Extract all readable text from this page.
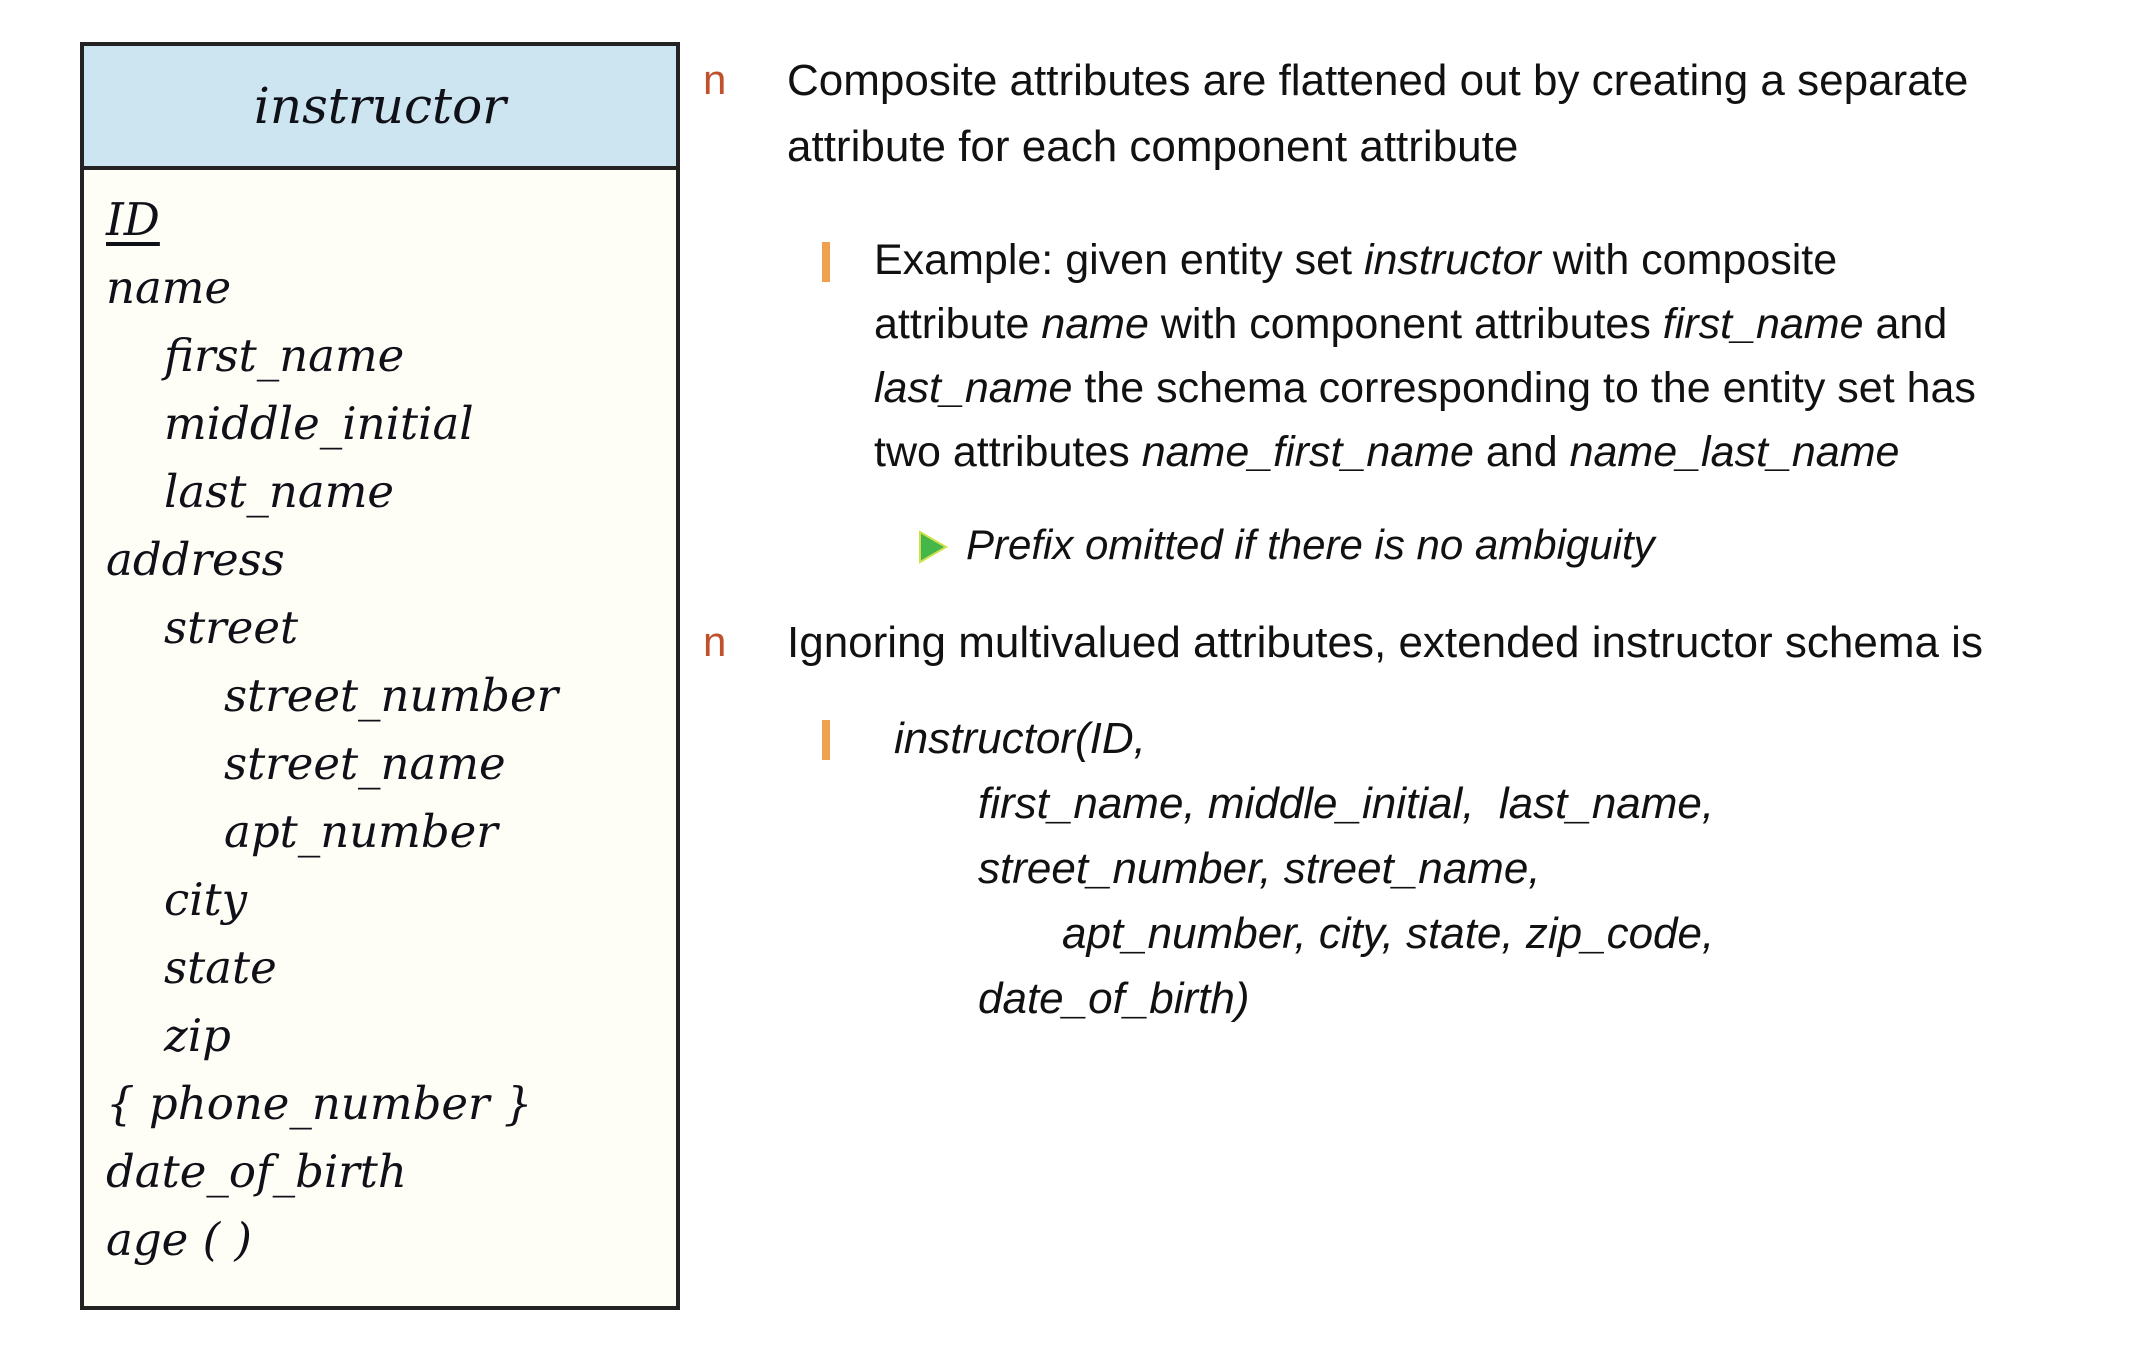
instructor
ID
name
first_name
middle_initial
last_name
address
street
street_number
street_name
apt_number
city
state
zip
{ phone_number }
date_of_birth
age ( )
n	Composite attributes are flattened out by creating a separate attribute for each component attribute
Example: given entity set instructor with composite attribute name with component attributes first_name and last_name the schema corresponding to the entity set has two attributes name_first_name and name_last_name
Prefix omitted if there is no ambiguity
n	Ignoring multivalued attributes, extended instructor schema is
instructor(ID,
first_name, middle_initial,  last_name,
street_number, street_name,
apt_number, city, state, zip_code,
date_of_birth)
